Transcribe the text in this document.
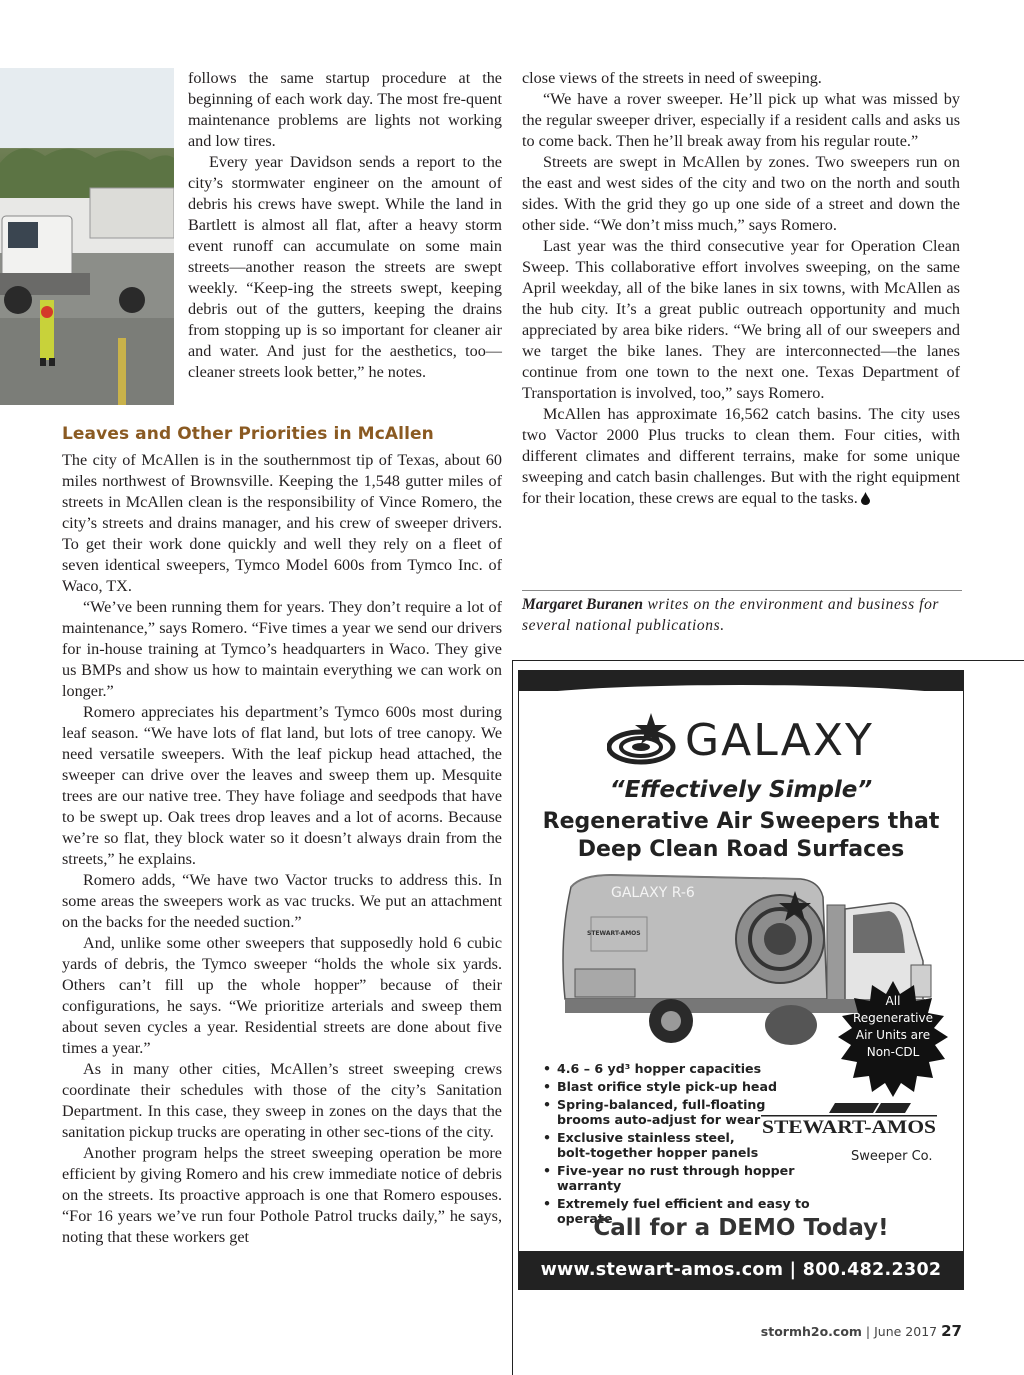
follows the same startup procedure at the beginning of each work day. The most fre-quent maintenance problems are lights not working and low tires.

Every year Davidson sends a report to the city’s stormwater engineer on the amount of debris his crews have swept. While the land in Bartlett is almost all flat, after a heavy storm event runoff can accumulate on some main streets—another reason the streets are swept weekly. “Keep-ing the streets swept, keeping debris out of the gutters, keeping the drains from stopping up is so important for cleaner air and water. And just for the aesthetics, too—cleaner streets look better,” he notes.

Leaves and Other Priorities in McAllen

The city of McAllen is in the southernmost tip of Texas, about 60 miles northwest of Brownsville. Keeping the 1,548 gutter miles of streets in McAllen clean is the responsibility of Vince Romero, the city’s streets and drains manager, and his crew of sweeper drivers. To get their work done quickly and well they rely on a fleet of seven identical sweepers, Tymco Model 600s from Tymco Inc. of Waco, TX.

“We’ve been running them for years. They don’t require a lot of maintenance,” says Romero. “Five times a year we send our drivers for in-house training at Tymco’s headquarters in Waco. They give us BMPs and show us how to maintain everything we can work on longer.”

Romero appreciates his department’s Tymco 600s most during leaf season. “We have lots of flat land, but lots of tree canopy. We need versatile sweepers. With the leaf pickup head attached, the sweeper can drive over the leaves and sweep them up. Mesquite trees are our native tree. They have foliage and seedpods that have to be swept up. Oak trees drop leaves and a lot of acorns. Because we’re so flat, they block water so it doesn’t always drain from the streets,” he explains.

Romero adds, “We have two Vactor trucks to address this. In some areas the sweepers work as vac trucks. We put an attachment on the backs for the needed suction.”

And, unlike some other sweepers that supposedly hold 6 cubic yards of debris, the Tymco sweeper “holds the whole six yards. Others can’t fill up the whole hopper” because of their configurations, he says. “We prioritize arterials and sweep them about seven cycles a year. Residential streets are done about five times a year.”

As in many other cities, McAllen’s street sweeping crews coordinate their schedules with those of the city’s Sanitation Department. In this case, they sweep in zones on the days that the sanitation pickup trucks are operating in other sec-tions of the city.

Another program helps the street sweeping operation be more efficient by giving Romero and his crew immediate notice of debris on the streets. Its proactive approach is one that Romero espouses. “For 16 years we’ve run four Pothole Patrol trucks daily,” he says, noting that these workers get

close views of the streets in need of sweeping.

“We have a rover sweeper. He’ll pick up what was missed by the regular sweeper driver, especially if a resident calls and asks us to come back. Then he’ll break away from his regular route.”

Streets are swept in McAllen by zones. Two sweepers run on the east and west sides of the city and two on the north and south sides. With the grid they go up one side of a street and down the other side. “We don’t miss much,” says Romero.

Last year was the third consecutive year for Operation Clean Sweep. This collaborative effort involves sweeping, on the same April weekday, all of the bike lanes in six towns, with McAllen as the hub city. It’s a great public outreach opportunity and much appreciated by area bike riders. “We bring all of our sweepers and we target the bike lanes. They are interconnected—the lanes continue from one town to the next one. Texas Department of Transportation is involved, too,” says Romero.

McAllen has approximate 16,562 catch basins. The city uses two Vactor 2000 Plus trucks to clean them. Four cities, with different climates and different terrains, make for some unique sweeping and catch basin challenges. But with the right equipment for their location, these crews are equal to the tasks.

Margaret Buranen writes on the environment and business for several national publications.
GALAXY
“Effectively Simple”
Regenerative Air Sweepers that
Deep Clean Road Surfaces
GALAXY R-6
STEWART-AMOS
All
Regenerative
Air Units are
Non-CDL
• 4.6 – 6 yd³ hopper capacities
• Blast orifice style pick-up head
• Spring-balanced, full-floating
brooms auto-adjust for wear
• Exclusive stainless steel,
bolt-together hopper panels
• Five-year no rust through hopper warranty
• Extremely fuel efficient and easy to operate
STEWART-AMOS
Sweeper Co.
Call for a DEMO Today!
www.stewart-amos.com | 800.482.2302
stormh2o.com | June 2017 27
